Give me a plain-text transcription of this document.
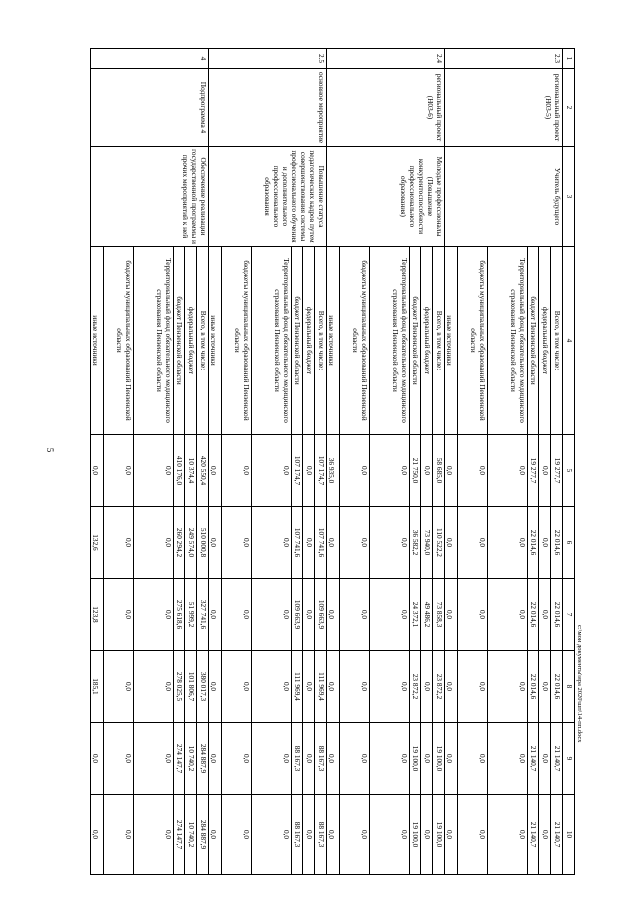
5
1	2	3	4	5	6	7	8	9	10
2.3	региональный проект (Н03-5)	Учитель будущего	Всего, в том числе:	19 277,7	22 014,6	22 014,6	22 014,6	21 140,7	21 140,7
			федеральный бюджет	0,0	0,0	0,0	0,0	0,0	0,0
			бюджет Пензенской области	19 277,7	22 014,6	22 014,6	22 014,6	21 140,7	21 140,7
			Территориальный фонд обязательного медицинского страхования Пензенской области	0,0	0,0	0,0	0,0	0,0	0,0
			бюджеты муниципальных образований Пензенской области	0,0	0,0	0,0	0,0	0,0	0,0
			иные источники	0,0	0,0	0,0	0,0	0,0	0,0
2.4	региональный проект (Н03-6)	Молодые профессионалы (Повышение конкурентоспособности профессионального образования)	Всего, в том числе:	58 685,0	110 522,2	73 858,3	23 872,2	19 100,0	19 100,0
			федеральный бюджет	0,0	73 940,0	49 486,2	0,0	0,0	0,0
			бюджет Пензенской области	21 750,0	36 582,2	24 372,1	23 872,2	19 100,0	19 100,0
			Территориальный фонд обязательного медицинского страхования Пензенской области	0,0	0,0	0,0	0,0	0,0	0,0
			бюджеты муниципальных образований Пензенской области	0,0	0,0	0,0	0,0	0,0	0,0
			иные источники	36 935,0	0,0	0,0	0,0	0,0	0,0
2.5	основное мероприятие	Повышение статуса педагогических кадров путем совершенствования системы профессионального обучения и дополнительного профессионального образования	Всего, в том числе:	107 174,7	107 741,6	109 663,9	111 969,4	88 167,3	88 167,3
			федеральный бюджет	0,0	0,0	0,0	0,0	0,0	0,0
			бюджет Пензенской области	107 174,7	107 741,6	109 663,9	111 969,4	88 167,3	88 167,3
			Территориальный фонд обязательного медицинского страхования Пензенской области	0,0	0,0	0,0	0,0	0,0	0,0
			бюджеты муниципальных образований Пензенской области	0,0	0,0	0,0	0,0	0,0	0,0
			иные источники	0,0	0,0	0,0	0,0	0,0	0,0
4	Подпрограмма 4	Обеспечение реализации государственной программы и прочих мероприятий к ней	Всего, в том числе:	420 550,4	510 000,8	327 741,6	380 017,3	284 887,9	284 887,9
			федеральный бюджет	10 374,4	249 574,0	51 999,2	101 806,7	10 740,2	10 740,2
			бюджет Пензенской области	410 176,0	260 294,2	275 618,6	278 025,5	274 147,7	274 147,7
			Территориальный фонд обязательного медицинского страхования Пензенской области	0,0	0,0	0,0	0,0	0,0	0,0
			бюджеты муниципальных образований Пензенской области	0,0	0,0	0,0	0,0	0,0	0,0
			иные источники	0,0	132,6	123,8	185,1	0,0	0,0
c:\мои документы\ира 2020\шп\14-пп.docx
